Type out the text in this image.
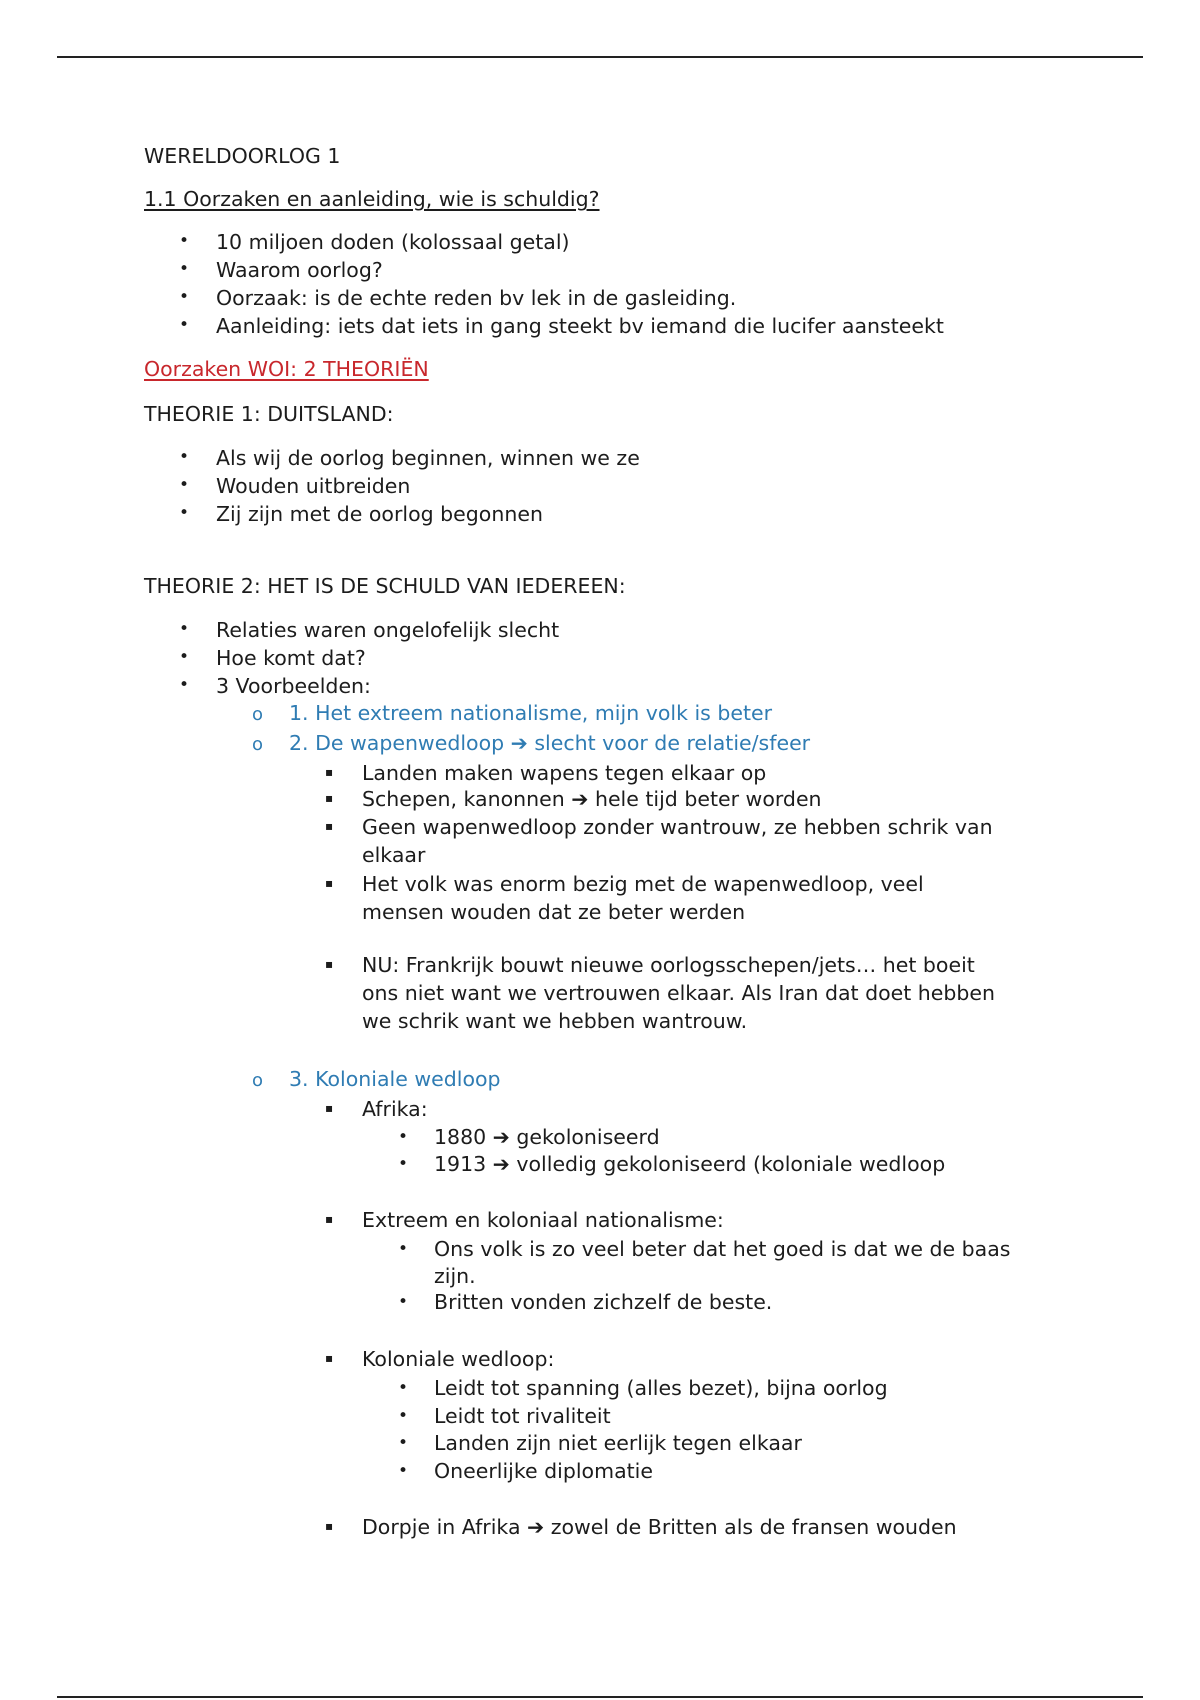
WERELDOORLOG 1
1.1 Oorzaken en aanleiding, wie is schuldig?
• 10 miljoen doden (kolossaal getal)
• Waarom oorlog?
• Oorzaak: is de echte reden bv lek in de gasleiding.
• Aanleiding: iets dat iets in gang steekt bv iemand die lucifer aansteekt
Oorzaken WOI: 2 THEORIËN
THEORIE 1: DUITSLAND:
• Als wij de oorlog beginnen, winnen we ze
• Wouden uitbreiden
• Zij zijn met de oorlog begonnen
THEORIE 2: HET IS DE SCHULD VAN IEDEREEN:
• Relaties waren ongelofelijk slecht
• Hoe komt dat?
• 3 Voorbeelden:
o 1. Het extreem nationalisme, mijn volk is beter
o 2. De wapenwedloop ➔ slecht voor de relatie/sfeer
▪ Landen maken wapens tegen elkaar op
▪ Schepen, kanonnen ➔ hele tijd beter worden
▪ Geen wapenwedloop zonder wantrouw, ze hebben schrik van
elkaar
▪ Het volk was enorm bezig met de wapenwedloop, veel
mensen wouden dat ze beter werden
▪ NU: Frankrijk bouwt nieuwe oorlogsschepen/jets… het boeit
ons niet want we vertrouwen elkaar. Als Iran dat doet hebben
we schrik want we hebben wantrouw.
o 3. Koloniale wedloop
▪ Afrika:
• 1880 ➔ gekoloniseerd
• 1913 ➔ volledig gekoloniseerd (koloniale wedloop
▪ Extreem en koloniaal nationalisme:
• Ons volk is zo veel beter dat het goed is dat we de baas
zijn.
• Britten vonden zichzelf de beste.
▪ Koloniale wedloop:
• Leidt tot spanning (alles bezet), bijna oorlog
• Leidt tot rivaliteit
• Landen zijn niet eerlijk tegen elkaar
• Oneerlijke diplomatie
▪ Dorpje in Afrika ➔ zowel de Britten als de fransen wouden
